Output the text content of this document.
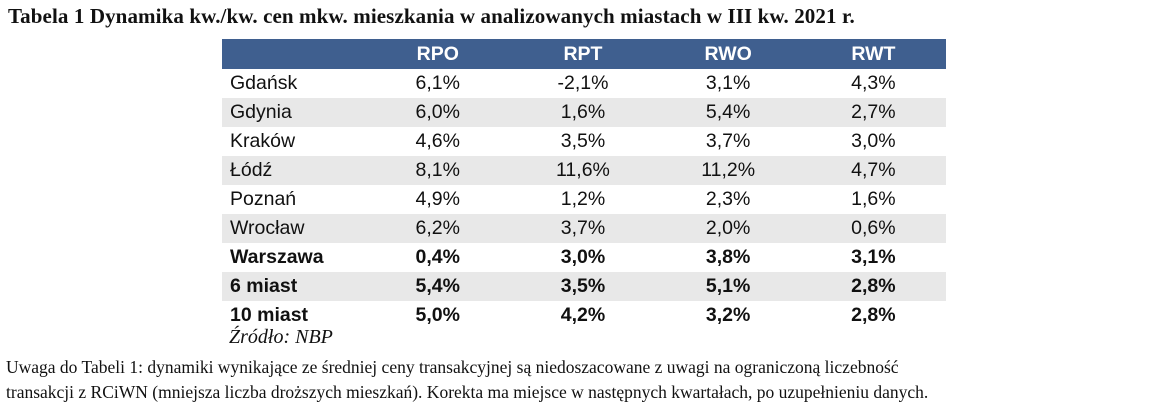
Tabela 1 Dynamika kw./kw. cen mkw. mieszkania w analizowanych miastach w III kw. 2021 r.
	RPO	RPT	RWO	RWT
Gdańsk	6,1%	-2,1%	3,1%	4,3%
Gdynia	6,0%	1,6%	5,4%	2,7%
Kraków	4,6%	3,5%	3,7%	3,0%
Łódź	8,1%	11,6%	11,2%	4,7%
Poznań	4,9%	1,2%	2,3%	1,6%
Wrocław	6,2%	3,7%	2,0%	0,6%
Warszawa	0,4%	3,0%	3,8%	3,1%
6 miast	5,4%	3,5%	5,1%	2,8%
10 miast	5,0%	4,2%	3,2%	2,8%
Źródło: NBP
Uwaga do Tabeli 1: dynamiki wynikające ze średniej ceny transakcyjnej są niedoszacowane z uwagi na ograniczoną liczebność
transakcji z RCiWN (mniejsza liczba droższych mieszkań). Korekta ma miejsce w następnych kwartałach, po uzupełnieniu danych.
